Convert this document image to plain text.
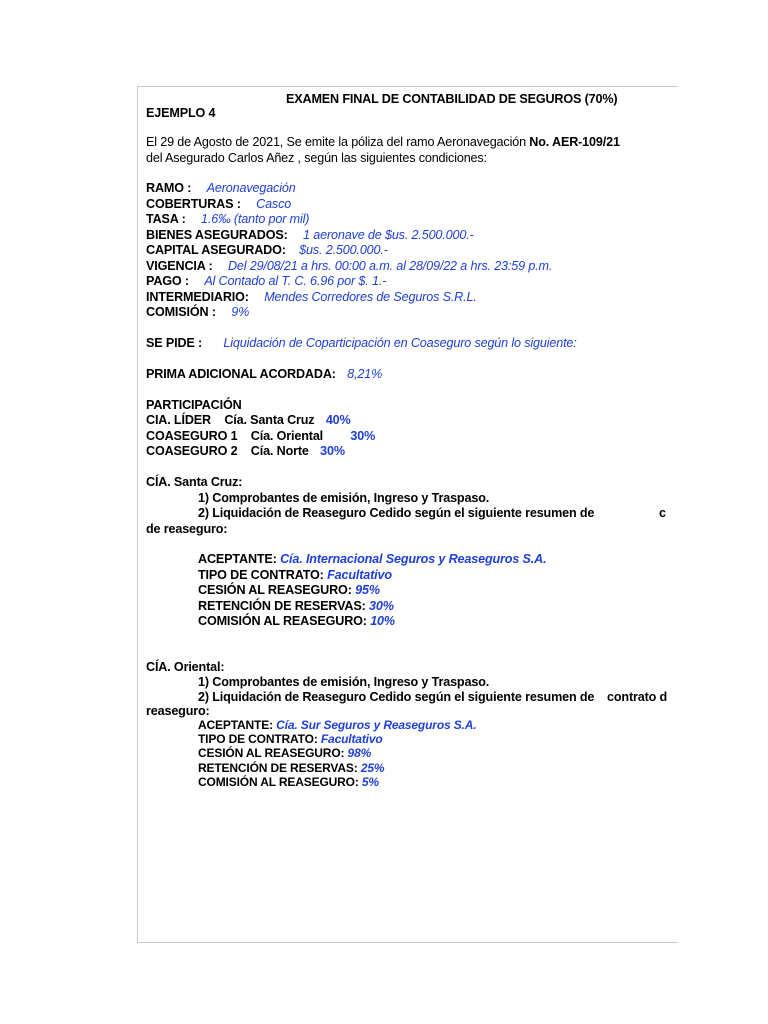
EXAMEN FINAL DE CONTABILIDAD DE SEGUROS (70%)
EJEMPLO 4
El 29 de Agosto de 2021, Se emite la póliza del ramo Aeronavegación No. AER-109/21
del Asegurado Carlos Añez , según las siguientes condiciones:
RAMO : Aeronavegación
COBERTURAS : Casco
TASA : 1.6‰ (tanto por mil)
BIENES ASEGURADOS: 1 aeronave de $us. 2.500.000.-
CAPITAL ASEGURADO: $us. 2.500.000.-
VIGENCIA : Del 29/08/21 a hrs. 00:00 a.m. al 28/09/22 a hrs. 23:59 p.m.
PAGO : Al Contado al T. C. 6.96 por $. 1.-
INTERMEDIARIO: Mendes Corredores de Seguros S.R.L.
COMISIÓN : 9%
SE PIDE : Liquidación de Coparticipación en Coaseguro según lo siguiente:
PRIMA ADICIONAL ACORDADA: 8,21%
PARTICIPACIÓN
CIA. LÍDER Cía. Santa Cruz 40%
COASEGURO 1 Cía. Oriental 30%
COASEGURO 2 Cía. Norte 30%
CÍA. Santa Cruz:
1) Comprobantes de emisión, Ingreso y Traspaso.
2) Liquidación de Reaseguro Cedido según el siguiente resumen de	c
de reaseguro:
ACEPTANTE: Cía. Internacional Seguros y Reaseguros S.A.
TIPO DE CONTRATO: Facultativo
CESIÓN AL REASEGURO: 95%
RETENCIÓN DE RESERVAS: 30%
COMISIÓN AL REASEGURO: 10%
CÍA. Oriental:
1) Comprobantes de emisión, Ingreso y Traspaso.
2) Liquidación de Reaseguro Cedido según el siguiente resumen de contrato d
reaseguro:
ACEPTANTE: Cía. Sur Seguros y Reaseguros S.A.
TIPO DE CONTRATO: Facultativo
CESIÓN AL REASEGURO: 98%
RETENCIÓN DE RESERVAS: 25%
COMISIÓN AL REASEGURO: 5%
